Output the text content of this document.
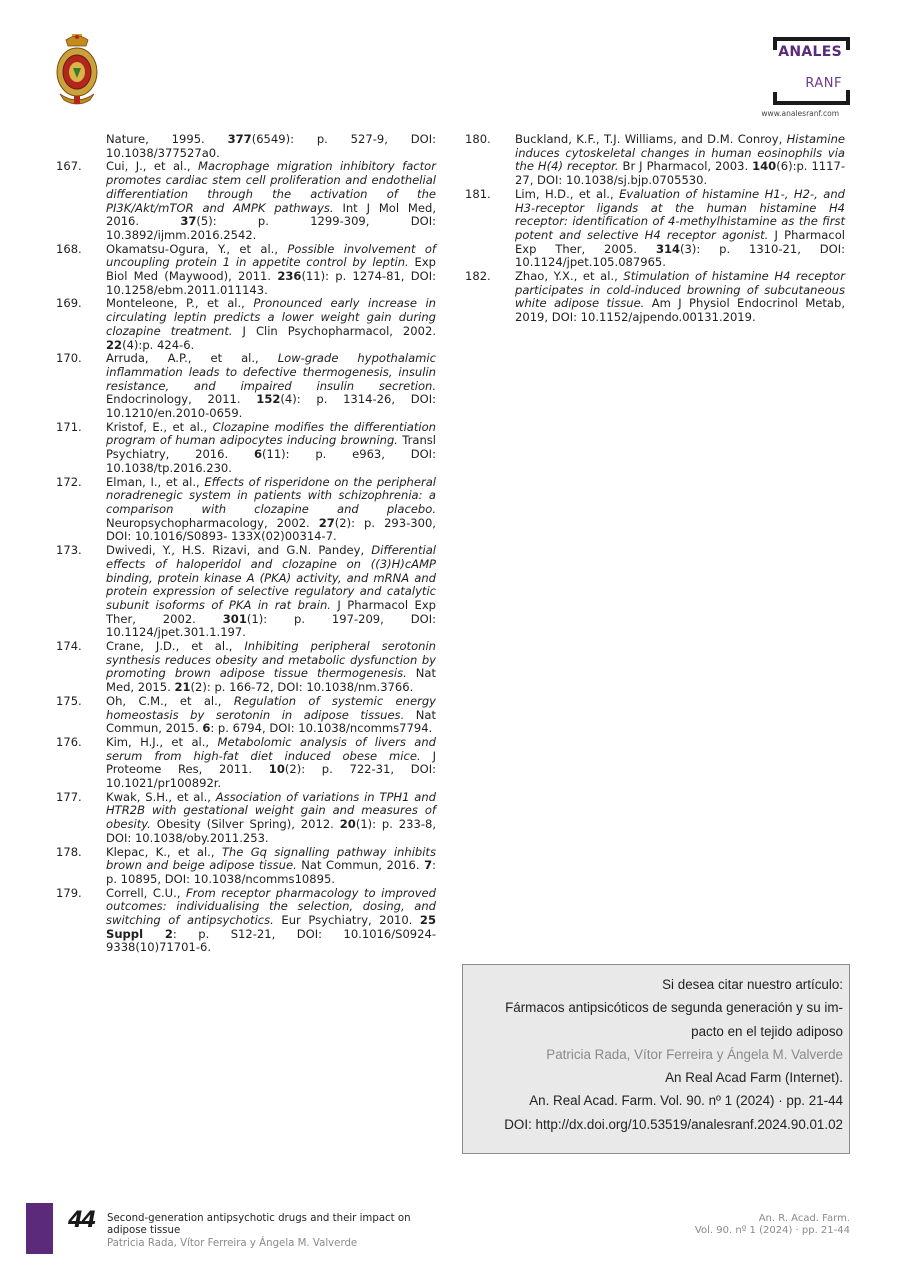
ANALES
RANF
www.analesranf.com
Nature, 1995. 377(6549): p. 527-9, DOI: 10.1038/377527a0.
167. Cui, J., et al., Macrophage migration inhibitory factor promotes cardiac stem cell proliferation and endothelial differentiation through the activation of the PI3K/Akt/mTOR and AMPK pathways. Int J Mol Med, 2016. 37(5): p. 1299-309, DOI: 10.3892/ijmm.2016.2542.
168. Okamatsu-Ogura, Y., et al., Possible involvement of uncoupling protein 1 in appetite control by leptin. Exp Biol Med (Maywood), 2011. 236(11): p. 1274-81, DOI: 10.1258/ebm.2011.011143.
169. Monteleone, P., et al., Pronounced early increase in circulating leptin predicts a lower weight gain during clozapine treatment. J Clin Psychopharmacol, 2002. 22(4):p. 424-6.
170. Arruda, A.P., et al., Low-grade hypothalamic inflammation leads to defective thermogenesis, insulin resistance, and impaired insulin secretion. Endocrinology, 2011. 152(4): p. 1314-26, DOI: 10.1210/en.2010-0659.
171. Kristof, E., et al., Clozapine modifies the differentiation program of human adipocytes inducing browning. Transl Psychiatry, 2016. 6(11): p. e963, DOI: 10.1038/tp.2016.230.
172. Elman, I., et al., Effects of risperidone on the peripheral noradrenegic system in patients with schizophrenia: a comparison with clozapine and placebo. Neuropsychopharmacology, 2002. 27(2): p. 293-300, DOI: 10.1016/S0893- 133X(02)00314-7.
173. Dwivedi, Y., H.S. Rizavi, and G.N. Pandey, Differential effects of haloperidol and clozapine on ((3)H)cAMP binding, protein kinase A (PKA) activity, and mRNA and protein expression of selective regulatory and catalytic subunit isoforms of PKA in rat brain. J Pharmacol Exp Ther, 2002. 301(1): p. 197-209, DOI: 10.1124/jpet.301.1.197.
174. Crane, J.D., et al., Inhibiting peripheral serotonin synthesis reduces obesity and metabolic dysfunction by promoting brown adipose tissue thermogenesis. Nat Med, 2015. 21(2): p. 166-72, DOI: 10.1038/nm.3766.
175. Oh, C.M., et al., Regulation of systemic energy homeostasis by serotonin in adipose tissues. Nat Commun, 2015. 6: p. 6794, DOI: 10.1038/ncomms7794.
176. Kim, H.J., et al., Metabolomic analysis of livers and serum from high-fat diet induced obese mice. J Proteome Res, 2011. 10(2): p. 722-31, DOI: 10.1021/pr100892r.
177. Kwak, S.H., et al., Association of variations in TPH1 and HTR2B with gestational weight gain and measures of obesity. Obesity (Silver Spring), 2012. 20(1): p. 233-8, DOI: 10.1038/oby.2011.253.
178. Klepac, K., et al., The Gq signalling pathway inhibits brown and beige adipose tissue. Nat Commun, 2016. 7: p. 10895, DOI: 10.1038/ncomms10895.
179. Correll, C.U., From receptor pharmacology to improved outcomes: individualising the selection, dosing, and switching of antipsychotics. Eur Psychiatry, 2010. 25 Suppl 2: p. S12-21, DOI: 10.1016/S0924-9338(10)71701-6.
180. Buckland, K.F., T.J. Williams, and D.M. Conroy, Histamine induces cytoskeletal changes in human eosinophils via the H(4) receptor. Br J Pharmacol, 2003. 140(6):p. 1117-27, DOI: 10.1038/sj.bjp.0705530.
181. Lim, H.D., et al., Evaluation of histamine H1-, H2-, and H3-receptor ligands at the human histamine H4 receptor: identification of 4-methylhistamine as the first potent and selective H4 receptor agonist. J Pharmacol Exp Ther, 2005. 314(3): p. 1310-21, DOI: 10.1124/jpet.105.087965.
182. Zhao, Y.X., et al., Stimulation of histamine H4 receptor participates in cold-induced browning of subcutaneous white adipose tissue. Am J Physiol Endocrinol Metab, 2019, DOI: 10.1152/ajpendo.00131.2019.
Si desea citar nuestro artículo:
Fármacos antipsicóticos de segunda generación y su im-
pacto en el tejido adiposo
Patricia Rada, Vítor Ferreira y Ángela M. Valverde
An Real Acad Farm (Internet).
An. Real Acad. Farm. Vol. 90. nº 1 (2024) · pp. 21-44
DOI: http://dx.doi.org/10.53519/analesranf.2024.90.01.02
44 Second-generation antipsychotic drugs and their impact on adipose tissue
Patricia Rada, Vítor Ferreira y Ángela M. Valverde
An. R. Acad. Farm.
Vol. 90. nº 1 (2024) · pp. 21-44
